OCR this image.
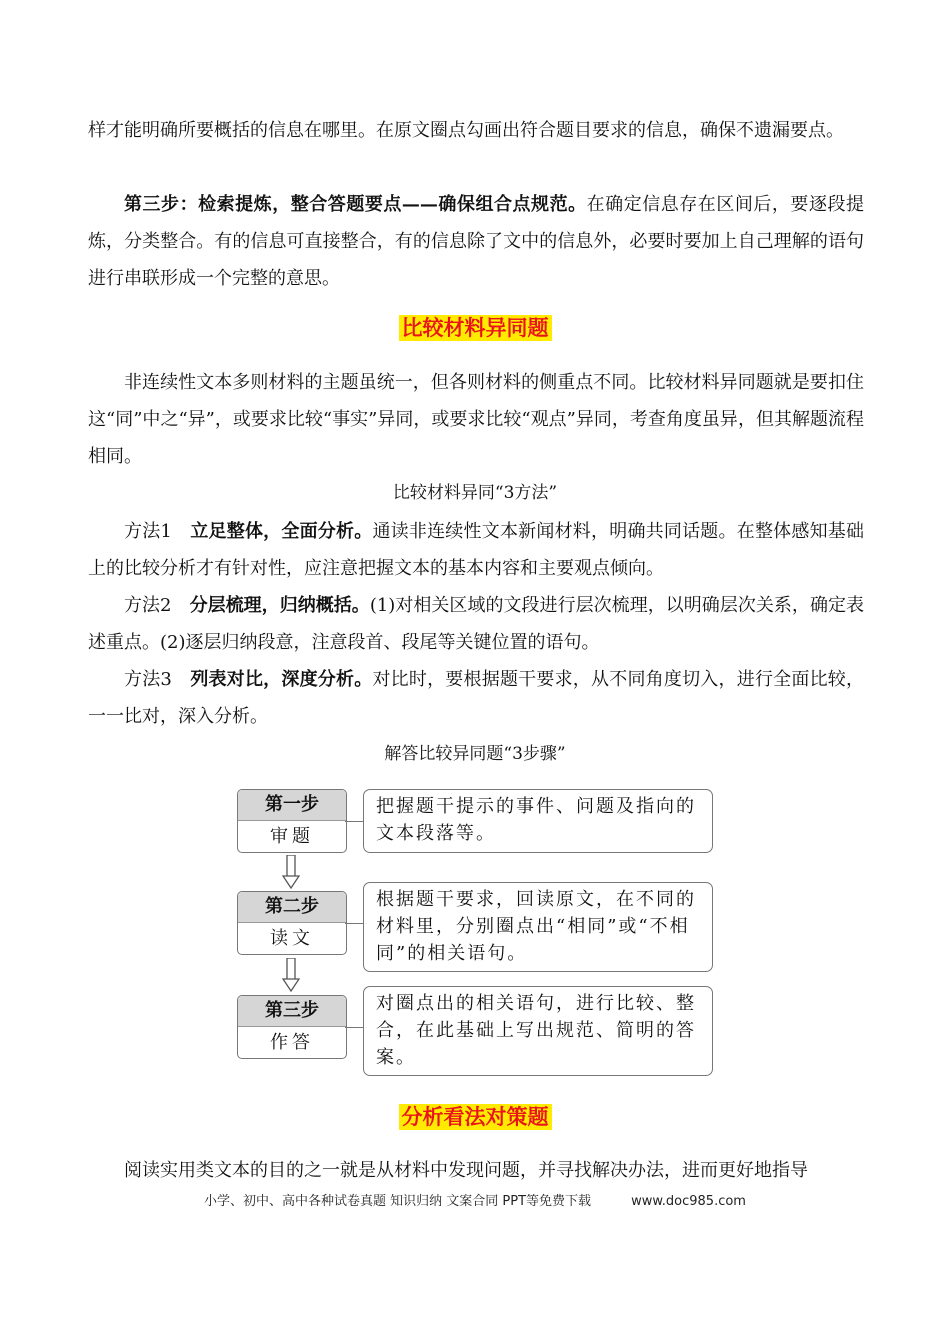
样才能明确所要概括的信息在哪里。在原文圈点勾画出符合题目要求的信息，确保不遗漏要点。

第三步：检索提炼，整合答题要点——确保组合点规范。在确定信息存在区间后，要逐段提炼，分类整合。有的信息可直接整合，有的信息除了文中的信息外，必要时要加上自己理解的语句进行串联形成一个完整的意思。

比较材料异同题

非连续性文本多则材料的主题虽统一，但各则材料的侧重点不同。比较材料异同题就是要扣住这“同”中之“异”，或要求比较“事实”异同，或要求比较“观点”异同，考查角度虽异，但其解题流程相同。

比较材料异同“3方法”

方法1　立足整体，全面分析。通读非连续性文本新闻材料，明确共同话题。在整体感知基础上的比较分析才有针对性，应注意把握文本的基本内容和主要观点倾向。

方法2　分层梳理，归纳概括。(1)对相关区域的文段进行层次梳理，以明确层次关系，确定表述重点。(2)逐层归纳段意，注意段首、段尾等关键位置的语句。

方法3　列表对比，深度分析。对比时，要根据题干要求，从不同角度切入，进行全面比较，一一比对，深入分析。

解答比较异同题“3步骤”
第一步
审题
把握题干提示的事件、问题及指向的文本段落等。
第二步
读文
根据题干要求，回读原文，在不同的材料里，分别圈点出“相同”或“不相同”的相关语句。
第三步
作答
对圈点出的相关语句，进行比较、整合，在此基础上写出规范、简明的答案。
分析看法对策题

阅读实用类文本的目的之一就是从材料中发现问题，并寻找解决办法，进而更好地指导

小学、初中、高中各种试卷真题 知识归纳 文案合同 PPT等免费下载	www.doc985.com
